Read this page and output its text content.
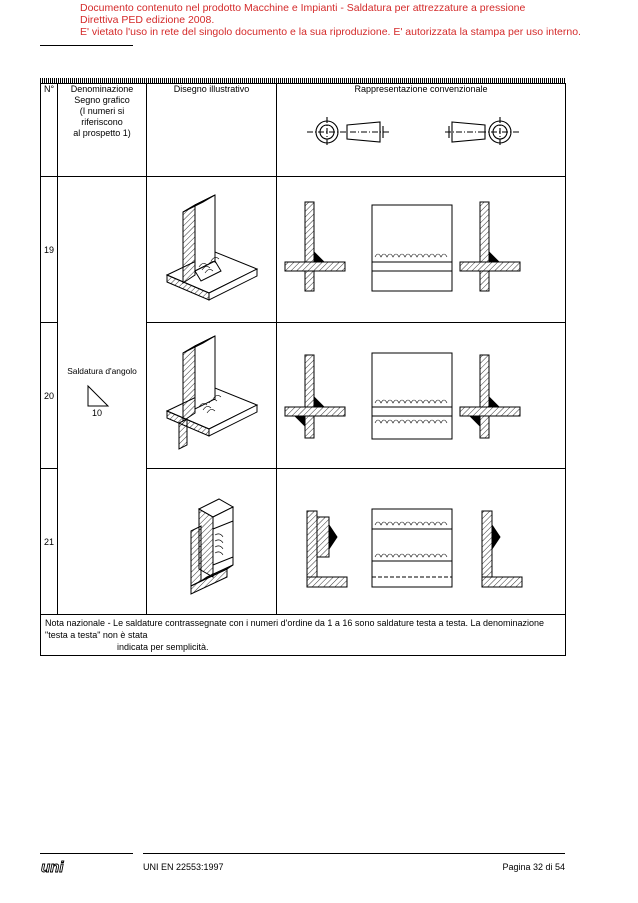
Documento contenuto nel prodotto Macchine e Impianti - Saldatura per attrezzature a pressione
Direttiva PED edizione 2008.
E' vietato l'uso in rete del singolo documento e la sua riproduzione. E' autorizzata la stampa per uso interno.
N°	Denominazione
Segno grafico
(I numeri si riferiscono
al prospetto 1)	Disegno illustrativo	Rappresentazione convenzionale

19		

20	Saldatura d'angolo
10

21		

Nota nazionale - Le saldature contrassegnate con i numeri d'ordine da 1 a 16 sono saldature testa a testa. La denominazione "testa a testa" non è stata
indicata per semplicità.			
uni	UNI EN 22553:1997	Pagina 32 di 54
